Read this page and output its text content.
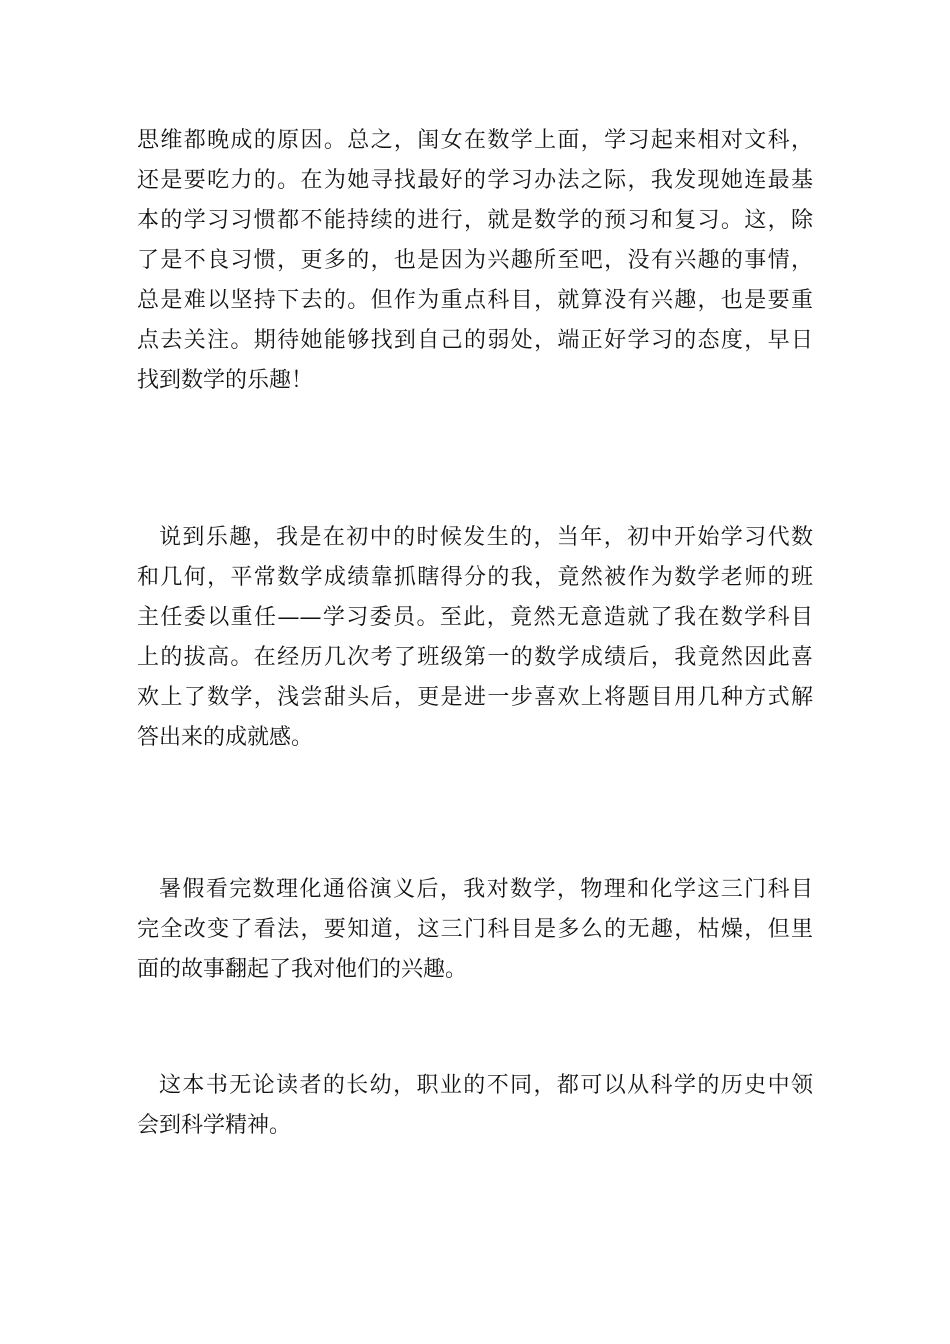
思维都晚成的原因。总之，闺女在数学上面，学习起来相对文科，
还是要吃力的。在为她寻找最好的学习办法之际，我发现她连最基
本的学习习惯都不能持续的进行，就是数学的预习和复习。这，除
了是不良习惯，更多的，也是因为兴趣所至吧，没有兴趣的事情，
总是难以坚持下去的。但作为重点科目，就算没有兴趣，也是要重
点去关注。期待她能够找到自己的弱处，端正好学习的态度，早日
找到数学的乐趣！
说到乐趣，我是在初中的时候发生的，当年，初中开始学习代数
和几何，平常数学成绩靠抓瞎得分的我，竟然被作为数学老师的班
主任委以重任——学习委员。至此，竟然无意造就了我在数学科目
上的拔高。在经历几次考了班级第一的数学成绩后，我竟然因此喜
欢上了数学，浅尝甜头后，更是进一步喜欢上将题目用几种方式解
答出来的成就感。
暑假看完数理化通俗演义后，我对数学，物理和化学这三门科目
完全改变了看法，要知道，这三门科目是多么的无趣，枯燥，但里
面的故事翻起了我对他们的兴趣。
这本书无论读者的长幼，职业的不同，都可以从科学的历史中领
会到科学精神。
